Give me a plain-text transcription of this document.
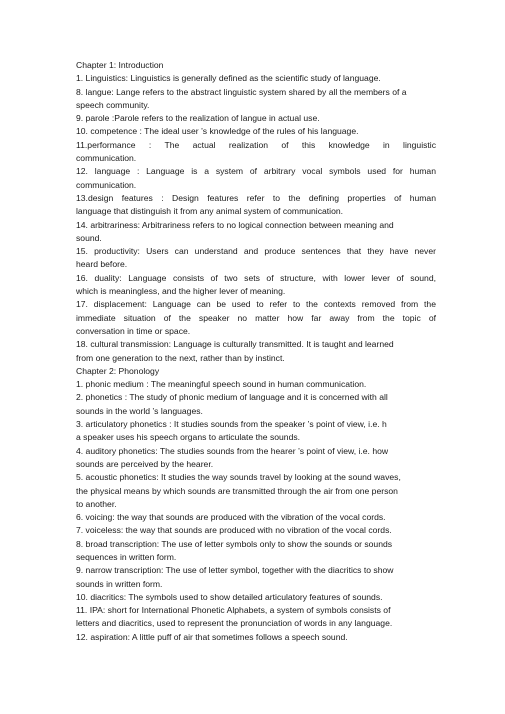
Chapter 1: Introduction
1. Linguistics: Linguistics is generally defined as the scientific study of language.
8. langue: Lange refers to the abstract linguistic system shared by all the members of a
speech community.
9. parole :Parole refers to the realization of langue in actual use.
10. competence : The ideal user ’s knowledge of the rules of his language.
11.performance : The actual realization of this knowledge in linguistic
communication.
12. language : Language is a system of arbitrary vocal symbols used for human
communication.
13.design features : Design features refer to the defining properties of human
language that distinguish it from any animal system of communication.
14. arbitrariness: Arbitrariness refers to no logical connection between meaning and
sound.
15. productivity: Users can understand and produce sentences that they have never
heard before.
16. duality: Language consists of two sets of structure, with lower lever of sound,
which is meaningless, and the higher lever of meaning.
17. displacement: Language can be used to refer to the contexts removed from the
immediate situation of the speaker no matter how far away from the topic of
conversation in time or space.
18. cultural transmission: Language is culturally transmitted. It is taught and learned
from one generation to the next, rather than by instinct.
Chapter 2: Phonology
1. phonic medium : The meaningful speech sound in human communication.
2. phonetics : The study of phonic medium of language and it is concerned with all
sounds in the world ’s languages.
3. articulatory phonetics : It studies sounds from the speaker ’s point of view, i.e. h
a speaker uses his speech organs to articulate the sounds.
4. auditory phonetics: The studies sounds from the hearer ’s point of view, i.e. how
sounds are perceived by the hearer.
5. acoustic phonetics: It studies the way sounds travel by looking at the sound waves,
the physical means by which sounds are transmitted through the air from one person
to another.
6. voicing: the way that sounds are produced with the vibration of the vocal cords.
7. voiceless: the way that sounds are produced with no vibration of the vocal cords.
8. broad transcription: The use of letter symbols only to show the sounds or sounds
sequences in written form.
9. narrow transcription: The use of letter symbol, together with the diacritics to show
sounds in written form.
10. diacritics: The symbols used to show detailed articulatory features of sounds.
11. IPA: short for International Phonetic Alphabets, a system of symbols consists of
letters and diacritics, used to represent the pronunciation of words in any language.
12. aspiration: A little puff of air that sometimes follows a speech sound.
